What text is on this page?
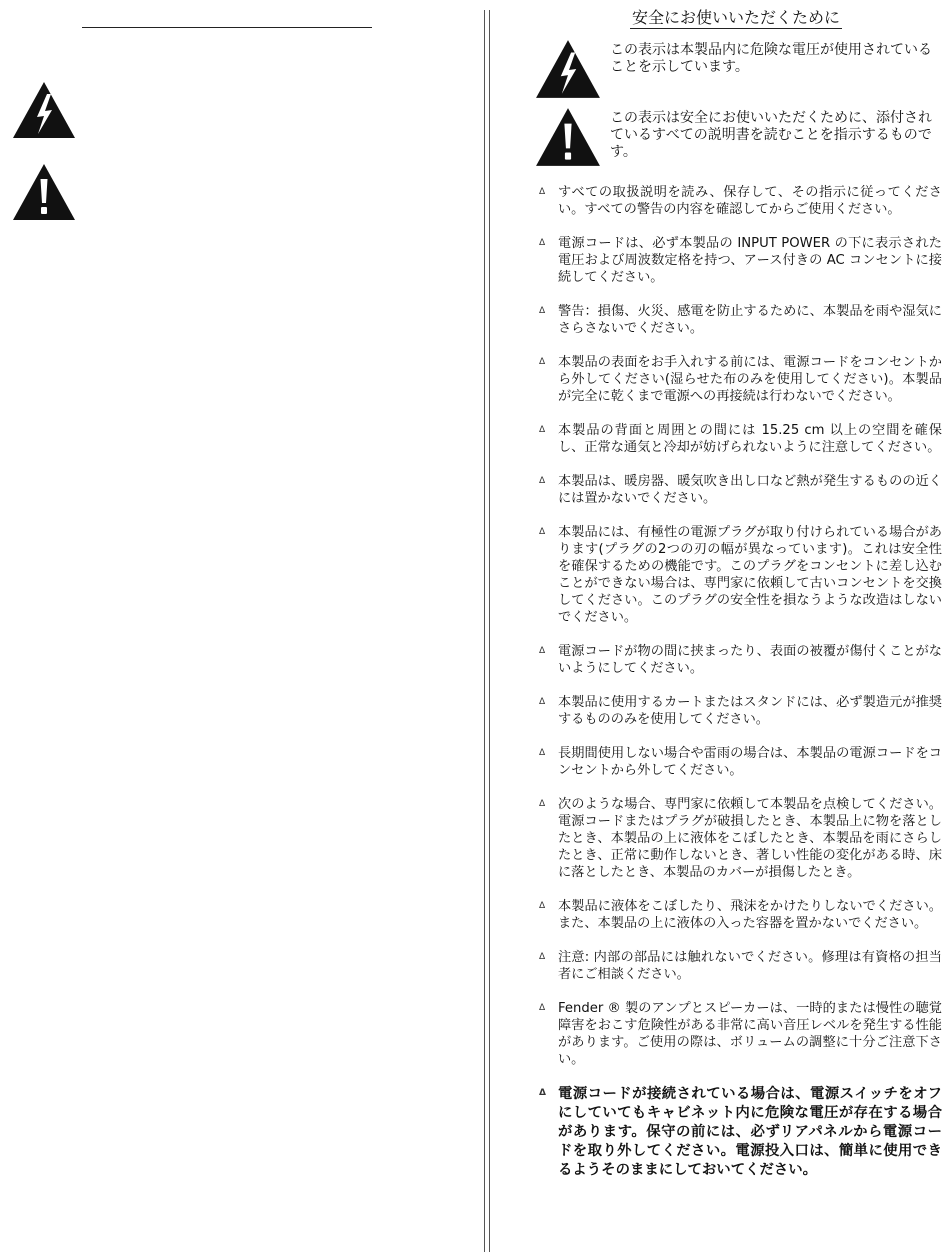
安全にお使いいただくために
この表示は本製品内に危険な電圧が使用されていることを示しています。
この表示は安全にお使いいただくために、添付されているすべての説明書を読むことを指示するものです。
Δ すべての取扱説明を読み、保存して、その指示に従ってください。すべての警告の内容を確認してからご使用ください。
Δ 電源コードは、必ず本製品の INPUT POWER の下に表示された電圧および周波数定格を持つ、アース付きの AC コンセントに接続してください。
Δ 警告：損傷、火災、感電を防止するために、本製品を雨や湿気にさらさないでください。
Δ 本製品の表面をお手入れする前には、電源コードをコンセントから外してください(湿らせた布のみを使用してください)。本製品が完全に乾くまで電源への再接続は行わないでください。
Δ 本製品の背面と周囲との間には 15.25 cm 以上の空間を確保し、正常な通気と冷却が妨げられないように注意してください。
Δ 本製品は、暖房器、暖気吹き出し口など熱が発生するものの近くには置かないでください。
Δ 本製品には、有極性の電源プラグが取り付けられている場合があります(プラグの2つの刃の幅が異なっています)。これは安全性を確保するための機能です。このプラグをコンセントに差し込むことができない場合は、専門家に依頼して古いコンセントを交換してください。このプラグの安全性を損なうような改造はしないでください。
Δ 電源コードが物の間に挟まったり、表面の被覆が傷付くことがないようにしてください。
Δ 本製品に使用するカートまたはスタンドには、必ず製造元が推奨するもののみを使用してください。
Δ 長期間使用しない場合や雷雨の場合は、本製品の電源コードをコンセントから外してください。
Δ 次のような場合、専門家に依頼して本製品を点検してください。電源コードまたはプラグが破損したとき、本製品上に物を落としたとき、本製品の上に液体をこぼしたとき、本製品を雨にさらしたとき、正常に動作しないとき、著しい性能の変化がある時、床に落としたとき、本製品のカバーが損傷したとき。
Δ 本製品に液体をこぼしたり、飛沫をかけたりしないでください。また、本製品の上に液体の入った容器を置かないでください。
Δ 注意: 内部の部品には触れないでください。修理は有資格の担当者にご相談ください。
Δ Fender ® 製のアンプとスピーカーは、一時的または慢性の聴覚障害をおこす危険性がある非常に高い音圧レベルを発生する性能があります。ご使用の際は、ボリュームの調整に十分ご注意下さい。
Δ 電源コードが接続されている場合は、電源スイッチをオフにしていてもキャビネット内に危険な電圧が存在する場合があります。保守の前には、必ずリアパネルから電源コードを取り外してください。電源投入口は、簡単に使用できるようそのままにしておいてください。
